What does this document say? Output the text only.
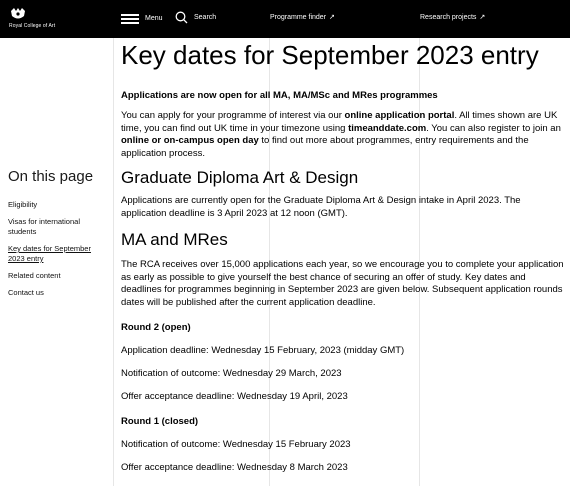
Royal College of Art
Menu	Search	Programme finder ↗	Research projects ↗
On this page
Eligibility
Visas for international students
Key dates for September 2023 entry
Related content
Contact us
Key dates for September 2023 entry
Applications are now open for all MA, MA/MSc and MRes programmes

You can apply for your programme of interest via our online application portal. All times shown are UK time, you can find out UK time in your timezone using timeanddate.com. You can also register to join an online or on-campus open day to find out more about programmes, entry requirements and the application process.

Graduate Diploma Art & Design

Applications are currently open for the Graduate Diploma Art & Design intake in April 2023. The application deadline is 3 April 2023 at 12 noon (GMT).

MA and MRes

The RCA receives over 15,000 applications each year, so we encourage you to complete your application as early as possible to give yourself the best chance of securing an offer of study. Key dates and deadlines for programmes beginning in September 2023 are given below. Subsequent application rounds dates will be published after the current application deadline.

Round 2 (open)
Application deadline: Wednesday 15 February, 2023 (midday GMT)
Notification of outcome: Wednesday 29 March, 2023
Offer acceptance deadline: Wednesday 19 April, 2023
Round 1 (closed)
Notification of outcome: Wednesday 15 February 2023
Offer acceptance deadline: Wednesday 8 March 2023
